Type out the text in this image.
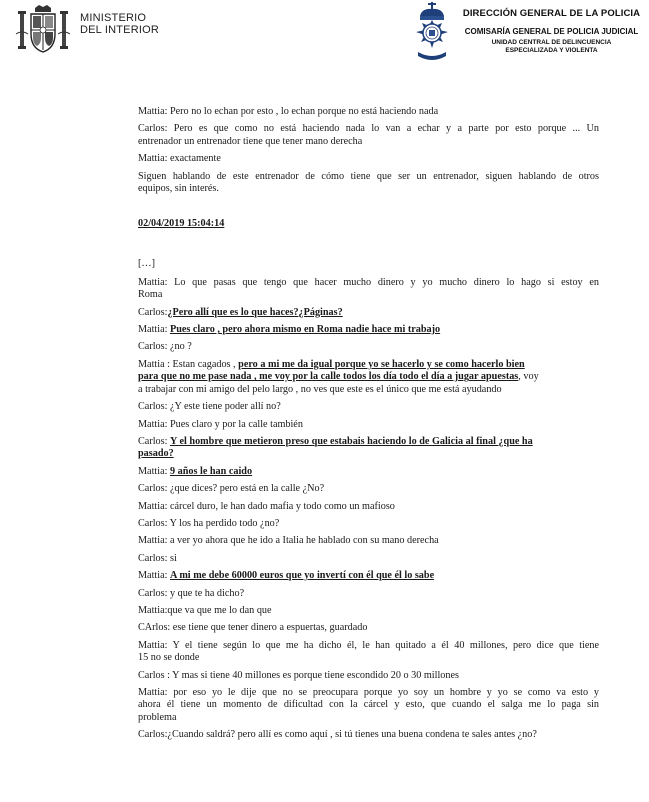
MINISTERIO
DEL INTERIOR
DIRECCIÓN GENERAL DE LA POLICIA
COMISARÍA GENERAL DE POLICIA JUDICIAL
UNIDAD CENTRAL DE DELINCUENCIA
ESPECIALIZADA Y VIOLENTA
Mattia: Pero no lo echan por esto , lo echan porque no está haciendo nada
Carlos: Pero es que como no está haciendo nada lo van a echar y a parte por esto porque ... Un
entrenador un entrenador tiene que tener mano derecha
Mattia: exactamente
Siguen hablando de este entrenador de cómo tiene que ser un entrenador, siguen hablando de otros
equipos, sin interés.
02/04/2019 15:04:14
[…]
Mattia: Lo que pasas que tengo que hacer mucho dinero y yo mucho dinero lo hago si estoy en
Roma
Carlos:¿Pero allí que es lo que haces?¿Páginas?
Mattia: Pues claro , pero ahora mismo en Roma nadie hace mi trabajo
Carlos: ¿no ?
Mattia : Estan cagados , pero a mi me da igual porque yo se hacerlo y se como hacerlo bien
para que no me pase nada , me voy por la calle todos los día todo el día a jugar apuestas, voy
a trabajar con mi amigo del pelo largo , no ves que este es el único que me está ayudando
Carlos: ¿Y este tiene poder allí no?
Mattia: Pues claro y por la calle también
Carlos: Y el hombre que metieron preso que estabais haciendo lo de Galicia al final ¿que ha
pasado?
Mattia: 9 años le han caido
Carlos: ¿que dices? pero está en la calle ¿No?
Mattia: cárcel duro, le han dado mafia y todo como un mafioso
Carlos: Y los ha perdido todo ¿no?
Mattia: a ver yo ahora que he ido a Italia he hablado con su mano derecha
Carlos: si
Mattia: A mi me debe 60000 euros que yo invertí con él que él lo sabe
Carlos: y que te ha dicho?
Mattia:que va que me lo dan que
CArlos: ese tiene que tener dinero a espuertas, guardado
Mattia: Y el tiene según lo que me ha dicho él, le han quitado a él 40 millones, pero dice que tiene
15 no se donde
Carlos : Y mas si tiene 40 millones es porque tiene escondido 20 o 30 millones
Mattia: por eso yo le dije que no se preocupara porque yo soy un hombre y yo se como va esto y
ahora él tiene un momento de dificultad con la cárcel y esto, que cuando el salga me lo paga sin
problema
Carlos:¿Cuando saldrá? pero allí es como aquí , si tú tienes una buena condena te sales antes ¿no?
